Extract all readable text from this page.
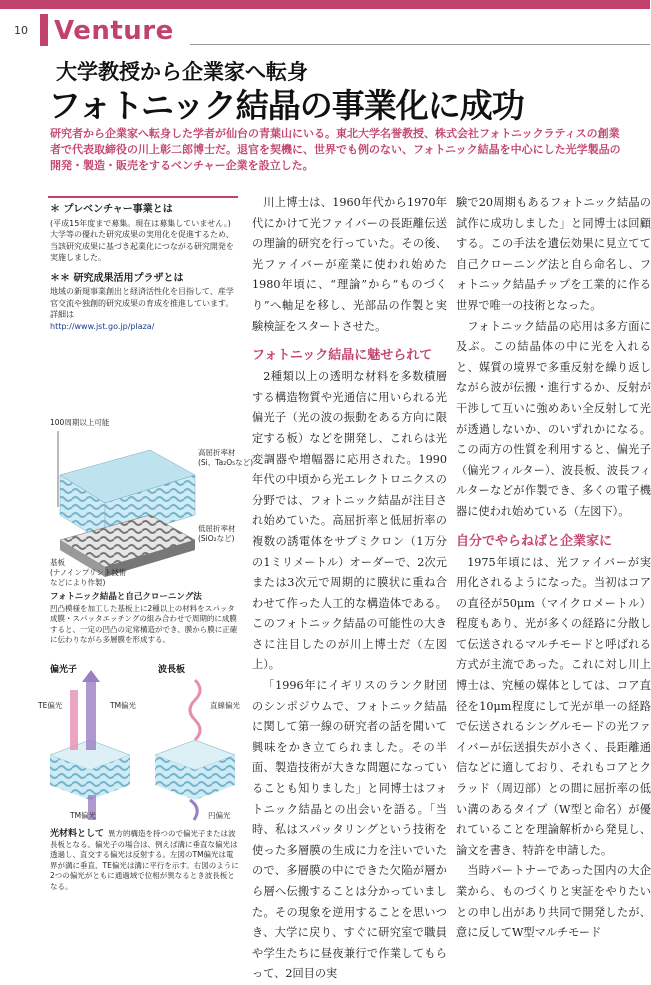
10 Venture
大学教授から企業家へ転身
フォトニック結晶の事業化に成功
研究者から企業家へ転身した学者が仙台の青葉山にいる。東北大学名誉教授、株式会社フォトニックラティスの創業者で代表取締役の川上彰二郎博士だ。退官を契機に、世界でも例のない、フォトニック結晶を中心にした光学製品の開発・製造・販売をするベンチャー企業を設立した。
＊ プレベンチャー事業とは

(平成15年度まで募集。現在は募集していません。) 大学等の優れた研究成果の実用化を促進するため、当該研究成果に基づき起業化につながる研究開発を実施しました。

＊＊ 研究成果活用プラザとは

地域の新規事業創出と経済活性化を目指して、産学官交流や独創的研究成果の育成を推進しています。詳細は

http://www.jst.go.jp/plaza/
100周期以上可能
高屈折率材(Si、Ta₂O₅など)
低屈折率材(SiO₂など)
基板(ナノインプリント技術などにより作製)
フォトニック結晶と自己クローニング法
凹凸模様を加工した基板上に2種以上の材料をスパッタ成膜・スパッタエッチングの組み合わせで周期的に成膜すると、一定の凹凸の定常構造ができ、膜から膜に正確に伝わりながら多層膜を形成する。
偏光子	波長板
TE偏光	TM偏光
TM偏光
直線偏光
円偏光
光材料として 異方的構造を持つので偏光子または波長板となる。偏光子の場合は、例えば溝に垂直な偏光は透過し、直交する偏光は反射する。左図のTM偏光は電界が溝に垂直、TE偏光は溝に平行を示す。右図のように2つの偏光がともに通過域で位相が異なるとき波長板となる。

川上博士は、1960年代から1970年代にかけて光ファイバーの長距離伝送の理論的研究を行っていた。その後、光ファイバーが産業に使われ始めた1980年頃に、“理論”から“ものづくり”へ軸足を移し、光部品の作製と実験検証をスタートさせた。

フォトニック結晶に魅せられて

2種類以上の透明な材料を多数積層する構造物質や光通信に用いられる光偏光子（光の波の振動をある方向に限定する板）などを開発し、これらは光変調器や増幅器に応用された。1990年代の中頃から光エレクトロニクスの分野では、フォトニック結晶が注目され始めていた。高屈折率と低屈折率の複数の誘電体をサブミクロン（1万分の1ミリメートル）オーダーで、2次元または3次元で周期的に膜状に重ね合わせて作った人工的な構造体である。このフォトニック結晶の可能性の大きさに注目したのが川上博士だ（左図上）。

「1996年にイギリスのランク財団のシンポジウムで、フォトニック結晶に関して第一線の研究者の話を聞いて興味をかき立てられました。その半面、製造技術が大きな問題になっていることも知りました」と同博士はフォトニック結晶との出会いを語る。「当時、私はスパッタリングという技術を使った多層膜の生成に力を注いでいたので、多層膜の中にできた欠陥が層から層へ伝搬することは分かっていました。その現象を逆用することを思いつき、大学に戻り、すぐに研究室で職員や学生たちに昼夜兼行で作業してもらって、2回目の実

験で20周期もあるフォトニック結晶の試作に成功しました」と同博士は回顧する。この手法を遺伝効果に見立てて自己クローニング法と自ら命名し、フォトニック結晶チップを工業的に作る世界で唯一の技術となった。

フォトニック結晶の応用は多方面に及ぶ。この結晶体の中に光を入れると、媒質の境界で多重反射を繰り返しながら波が伝搬・進行するか、反射が干渉して互いに強めあい全反射して光が透過しないか、のいずれかになる。この両方の性質を利用すると、偏光子（偏光フィルター）、波長板、波長フィルターなどが作製でき、多くの電子機器に使われ始めている（左図下）。

自分でやらねばと企業家に

1975年頃には、光ファイバーが実用化されるようになった。当初はコアの直径が50μm（マイクロメートル）程度もあり、光が多くの経路に分散して伝送されるマルチモードと呼ばれる方式が主流であった。これに対し川上博士は、究極の媒体としては、コア直径を10μm程度にして光が単一の経路で伝送されるシングルモードの光ファイバーが伝送損失が小さく、長距離通信などに適しており、それもコアとクラッド（周辺部）との間に屈折率の低い溝のあるタイプ（W型と命名）が優れていることを理論解析から発見し、論文を書き、特許を申請した。

当時パートナーであった国内の大企業から、ものづくりと実証をやりたいとの申し出があり共同で開発したが、意に反してW型マルチモード
